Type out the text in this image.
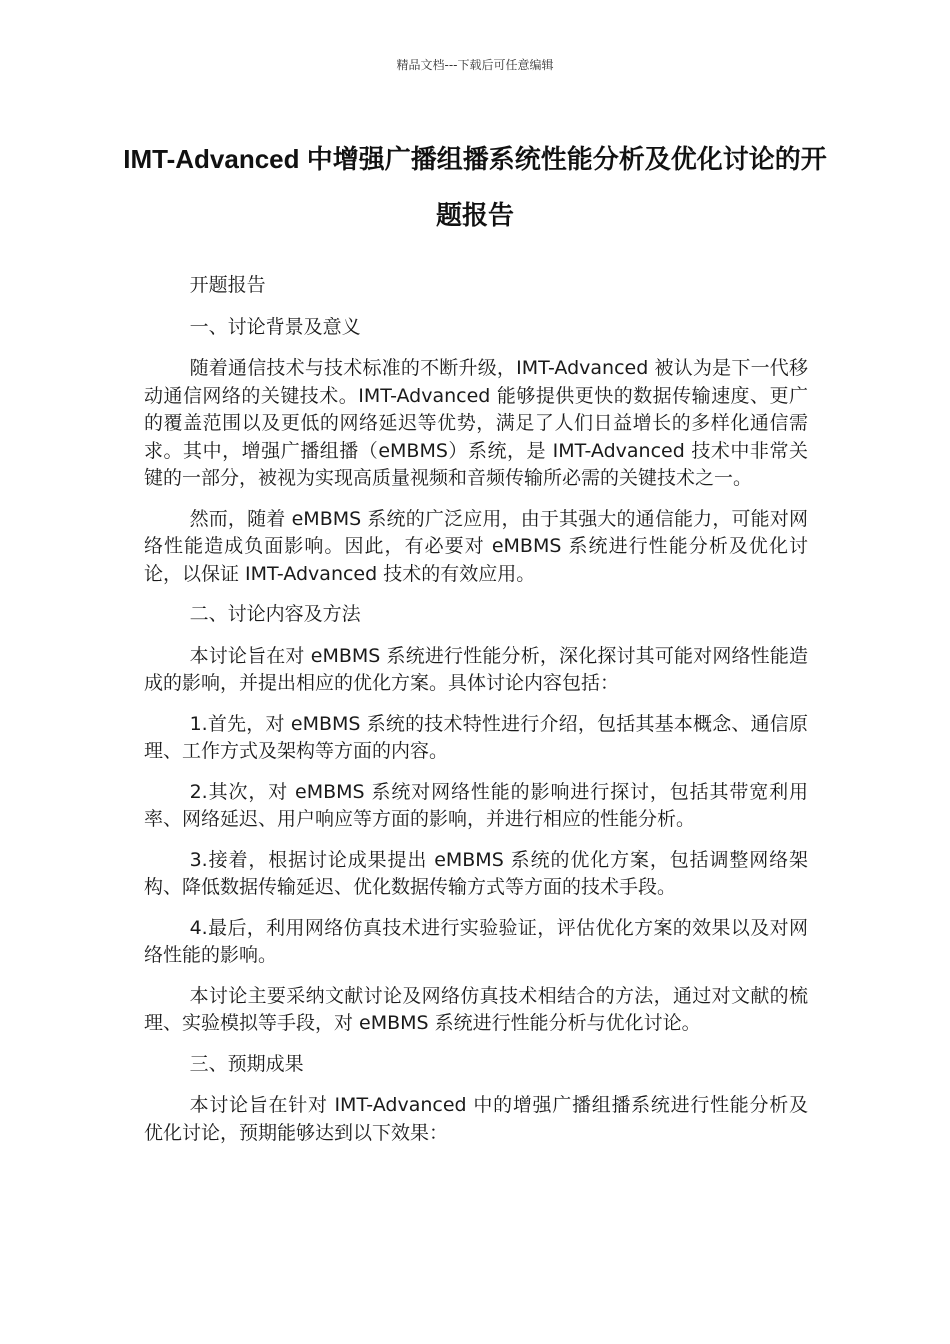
精品文档---下载后可任意编辑
IMT-Advanced 中增强广播组播系统性能分析及优化讨论的开题报告

开题报告

一、讨论背景及意义

随着通信技术与技术标准的不断升级，IMT-Advanced 被认为是下一代移动通信网络的关键技术。IMT-Advanced 能够提供更快的数据传输速度、更广的覆盖范围以及更低的网络延迟等优势，满足了人们日益增长的多样化通信需求。其中，增强广播组播（eMBMS）系统，是 IMT-Advanced 技术中非常关键的一部分，被视为实现高质量视频和音频传输所必需的关键技术之一。

然而，随着 eMBMS 系统的广泛应用，由于其强大的通信能力，可能对网络性能造成负面影响。因此，有必要对 eMBMS 系统进行性能分析及优化讨论，以保证 IMT-Advanced 技术的有效应用。

二、讨论内容及方法

本讨论旨在对 eMBMS 系统进行性能分析，深化探讨其可能对网络性能造成的影响，并提出相应的优化方案。具体讨论内容包括：

1.首先，对 eMBMS 系统的技术特性进行介绍，包括其基本概念、通信原理、工作方式及架构等方面的内容。

2.其次，对 eMBMS 系统对网络性能的影响进行探讨，包括其带宽利用率、网络延迟、用户响应等方面的影响，并进行相应的性能分析。

3.接着，根据讨论成果提出 eMBMS 系统的优化方案，包括调整网络架构、降低数据传输延迟、优化数据传输方式等方面的技术手段。

4.最后，利用网络仿真技术进行实验验证，评估优化方案的效果以及对网络性能的影响。

本讨论主要采纳文献讨论及网络仿真技术相结合的方法，通过对文献的梳理、实验模拟等手段，对 eMBMS 系统进行性能分析与优化讨论。

三、预期成果

本讨论旨在针对 IMT-Advanced 中的增强广播组播系统进行性能分析及优化讨论，预期能够达到以下效果：
